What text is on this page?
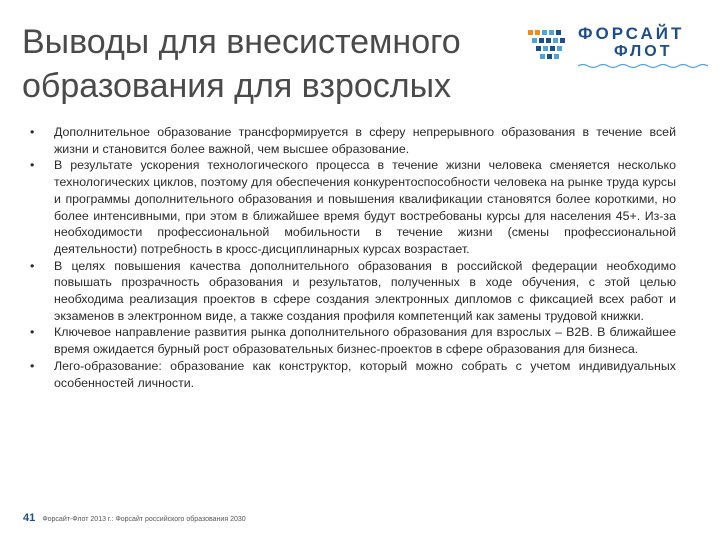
Выводы для внесистемного образования для взрослых
ФОРСАЙТ
ФЛОТ
•	Дополнительное образование трансформируется в сферу непрерывного образования в течение всей жизни и становится более важной, чем высшее образование.
•	В результате ускорения технологического процесса в течение жизни человека сменяется несколько технологических циклов, поэтому для обеспечения конкурентоспособности человека на рынке труда курсы и программы дополнительного образования и повышения квалификации становятся более короткими, но более интенсивными, при этом в ближайшее время будут востребованы курсы для населения 45+. Из-за необходимости профессиональной мобильности в течение жизни (смены профессиональной деятельности) потребность в кросс-дисциплинарных курсах возрастает.
•	В целях повышения качества дополнительного образования в российской федерации необходимо повышать прозрачность образования и результатов, полученных в ходе обучения, с этой целью необходима реализация проектов в сфере создания электронных дипломов с фиксацией всех работ и экзаменов в электронном виде, а также создания профиля компетенций как замены трудовой книжки.
•	Ключевое направление развития рынка дополнительного образования для взрослых – B2B. В ближайшее время ожидается бурный рост образовательных бизнес-проектов в сфере образования для бизнеса.
•	Лего-образование: образование как конструктор, который можно собрать с учетом индивидуальных особенностей личности.
41 Форсайт-Флот 2013 г.: Форсайт российского образования 2030
